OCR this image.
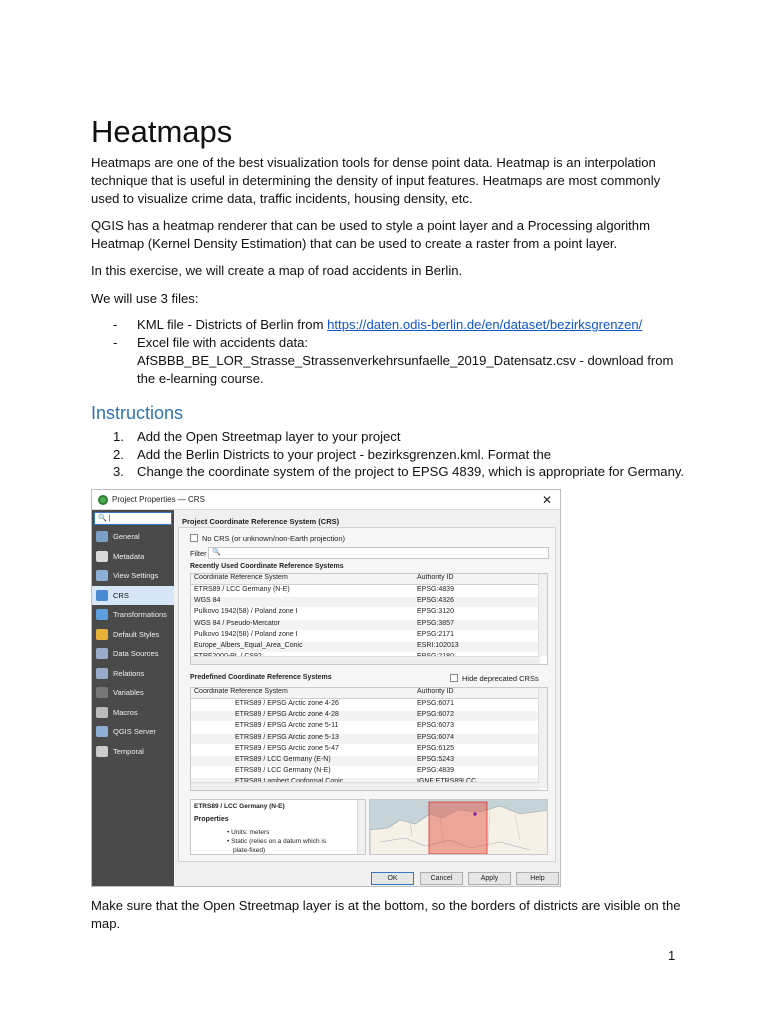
Heatmaps

Heatmaps are one of the best visualization tools for dense point data. Heatmap is an interpolation technique that is useful in determining the density of input features. Heatmaps are most commonly used to visualize crime data, traffic incidents, housing density, etc.

QGIS has a heatmap renderer that can be used to style a point layer and a Processing algorithm Heatmap (Kernel Density Estimation) that can be used to create a raster from a point layer.

In this exercise, we will create a map of road accidents in Berlin.

We will use 3 files:

- KML file - Districts of Berlin from https://daten.odis-berlin.de/en/dataset/bezirksgrenzen/
- Excel file with accidents data: AfSBBB_BE_LOR_Strasse_Strassenverkehrsunfaelle_2019_Datensatz.csv - download from the e-learning course.
Instructions
1. Add the Open Streetmap layer to your project
2. Add the Berlin Districts to your project - bezirksgrenzen.kml. Format the
3. Change the coordinate system of the project to EPSG 4839, which is appropriate for Germany.
Project Properties — CRS	✕
🔍 |
General
Metadata
View Settings
CRS
Transformations
Default Styles
Data Sources
Relations
Variables
Macros
QGIS Server
Temporal
Project Coordinate Reference System (CRS)
No CRS (or unknown/non-Earth projection)
Filter 🔍
Recently Used Coordinate Reference Systems
Coordinate Reference System	Authority ID
ETRS89 / LCC Germany (N-E)	EPSG:4839
WGS 84	EPSG:4326
Pulkovo 1942(58) / Poland zone I	EPSG:3120
WGS 84 / Pseudo-Mercator	EPSG:3857
Pulkovo 1942(58) / Poland zone I	EPSG:2171
Europe_Albers_Equal_Area_Conic	ESRI:102013
Predefined Coordinate Reference Systems	Hide deprecated CRSs
Coordinate Reference System	Authority ID
ETRS89 / EPSG Arctic zone 4-26	EPSG:6071
ETRS89 / EPSG Arctic zone 4-28	EPSG:6072
ETRS89 / EPSG Arctic zone 5-11	EPSG:6073
ETRS89 / EPSG Arctic zone 5-13	EPSG:6074
ETRS89 / EPSG Arctic zone 5-47	EPSG:6125
ETRS89 / LCC Germany (E-N)	EPSG:5243
ETRS89 / LCC Germany (N-E)	EPSG:4839
ETRS89 / LCC Germany (N-E)
Properties
• Units: meters
• Static (relies on a datum which is
plate-fixed)
OK	Cancel	Apply	Help

Make sure that the Open Streetmap layer is at the bottom, so the borders of districts are visible on the map.

1
